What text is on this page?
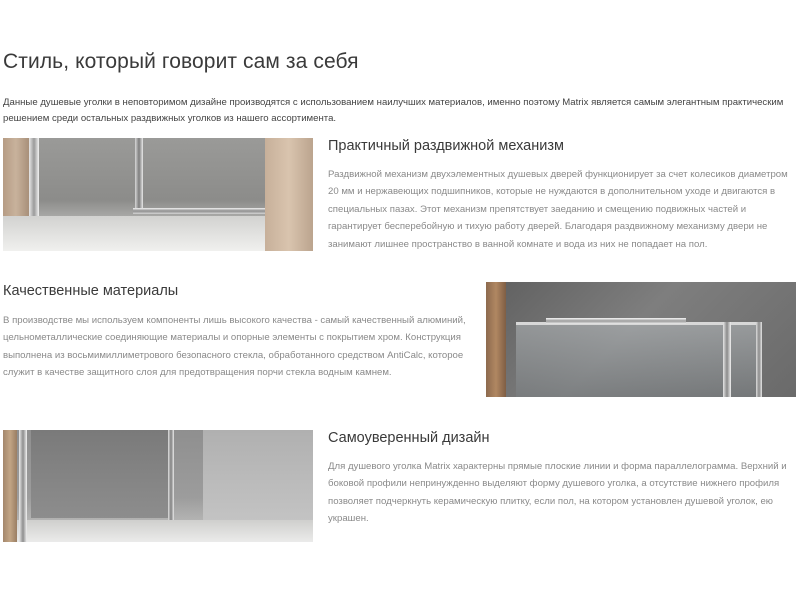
Стиль, который говорит сам за себя

Данные душевые уголки в неповторимом дизайне производятся с использованием наилучших материалов, именно поэтому Matrix является самым элегантным практическим решением среди остальных раздвижных уголков из нашего ассортимента.

Практичный раздвижной механизм

Раздвижной механизм двухэлементных душевых дверей функционирует за счет колесиков диаметром 20 мм и нержавеющих подшипников, которые не нуждаются в дополнительном уходе и двигаются в специальных пазах. Этот механизм препятствует заеданию и смещению подвижных частей и гарантирует бесперебойную и тихую работу дверей. Благодаря раздвижному механизму двери не занимают лишнее пространство в ванной комнате и вода из них не попадает на пол.

Качественные материалы

В производстве мы используем компоненты лишь высокого качества - самый качественный алюминий, цельнометаллические соединяющие материалы и опорные элементы с покрытием хром. Конструкция выполнена из восьмимиллиметрового безопасного стекла, обработанного средством AntiCalc, которое служит в качестве защитного слоя для предотвращения порчи стекла водным камнем.

Самоуверенный дизайн

Для душевого уголка Matrix характерны прямые плоские линии и форма параллелограмма. Верхний и боковой профили непринужденно выделяют форму душевого уголка, а отсутствие нижнего профиля позволяет подчеркнуть керамическую плитку, если пол, на котором установлен душевой уголок, ею украшен.
